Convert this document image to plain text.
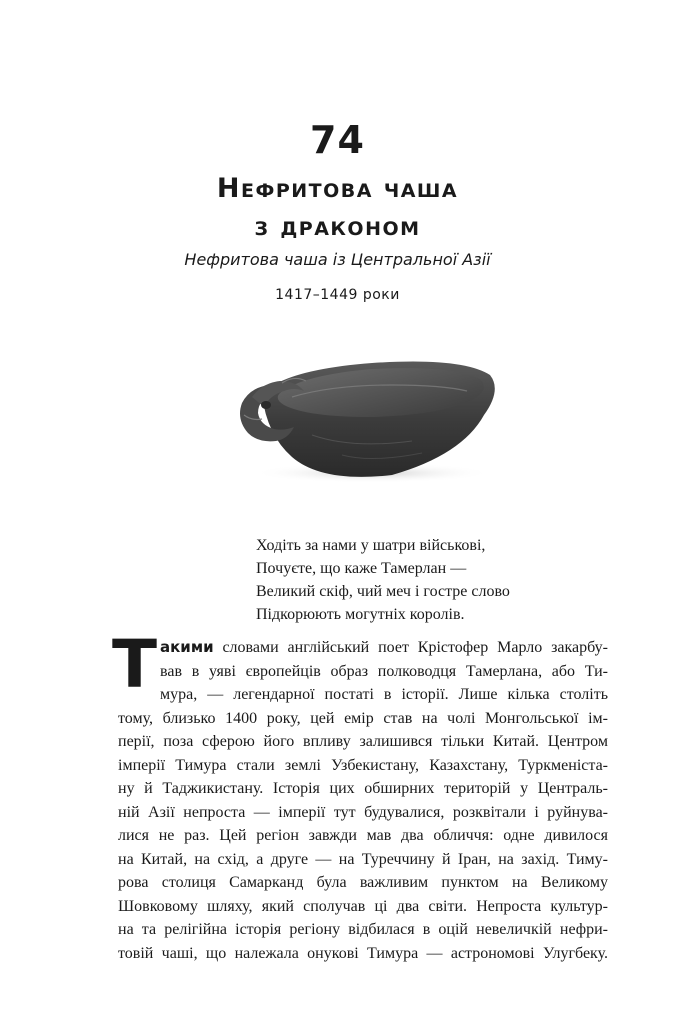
74
Нефритова чаша
з драконом
Нефритова чаша із Центральної Азії
1417–1449 роки
Ходіть за нами у шатри військові,
Почуєте, що каже Тамерлан —
Великий скіф, чий меч і гостре слово
Підкорюють могутніх королів.
Т акими словами англійський поет Крістофер Марло закарбу-
вав в уяві європейців образ полководця Тамерлана, або Ти-
мура, — легендарної постаті в історії. Лише кілька століть
тому, близько 1400 року, цей емір став на чолі Монгольської ім-
перії, поза сферою його впливу залишився тільки Китай. Центром
імперії Тимура стали землі Узбекистану, Казахстану, Туркменіста-
ну й Таджикистану. Історія цих обширних територій у Централь-
ній Азії непроста — імперії тут будувалися, розквітали і руйнува-
лися не раз. Цей регіон завжди мав два обличчя: одне дивилося
на Китай, на схід, а друге — на Туреччину й Іран, на захід. Тиму-
рова столиця Самарканд була важливим пунктом на Великому
Шовковому шляху, який сполучав ці два світи. Непроста культур-
на та релігійна історія регіону відбилася в оцій невеличкій нефри-
товій чаші, що належала онукові Тимура — астрономові Улугбеку.
